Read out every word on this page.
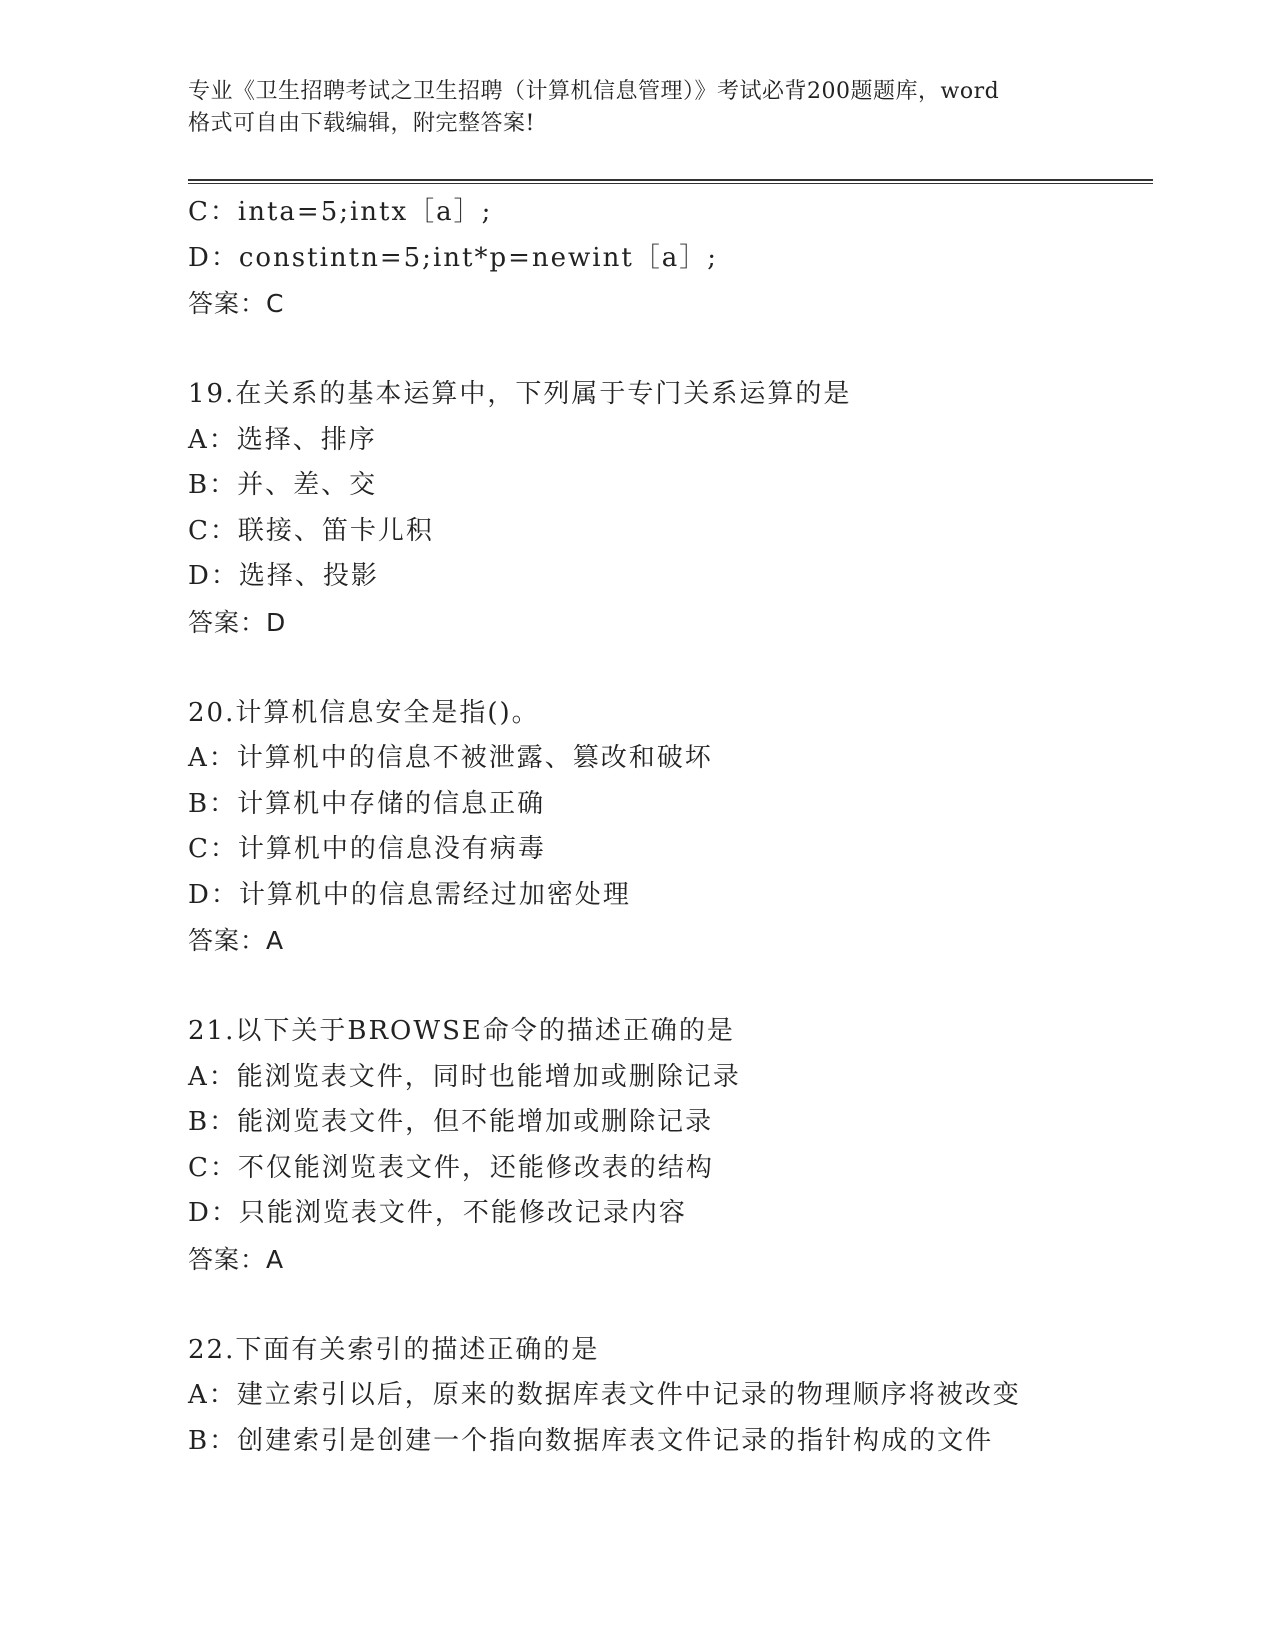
专业《卫生招聘考试之卫生招聘（计算机信息管理）》考试必背200题题库，word
格式可自由下载编辑，附完整答案!
C：inta=5;intx［a］;
D：constintn=5;int*p=newint［a］;
答案：C
19.在关系的基本运算中，下列属于专门关系运算的是
A：选择、排序
B：并、差、交
C：联接、笛卡儿积
D：选择、投影
答案：D
20.计算机信息安全是指()。
A：计算机中的信息不被泄露、篡改和破坏
B：计算机中存储的信息正确
C：计算机中的信息没有病毒
D：计算机中的信息需经过加密处理
答案：A
21.以下关于BROWSE命令的描述正确的是
A：能浏览表文件，同时也能增加或删除记录
B：能浏览表文件，但不能增加或删除记录
C：不仅能浏览表文件，还能修改表的结构
D：只能浏览表文件，不能修改记录内容
答案：A
22.下面有关索引的描述正确的是
A：建立索引以后，原来的数据库表文件中记录的物理顺序将被改变
B：创建索引是创建一个指向数据库表文件记录的指针构成的文件
